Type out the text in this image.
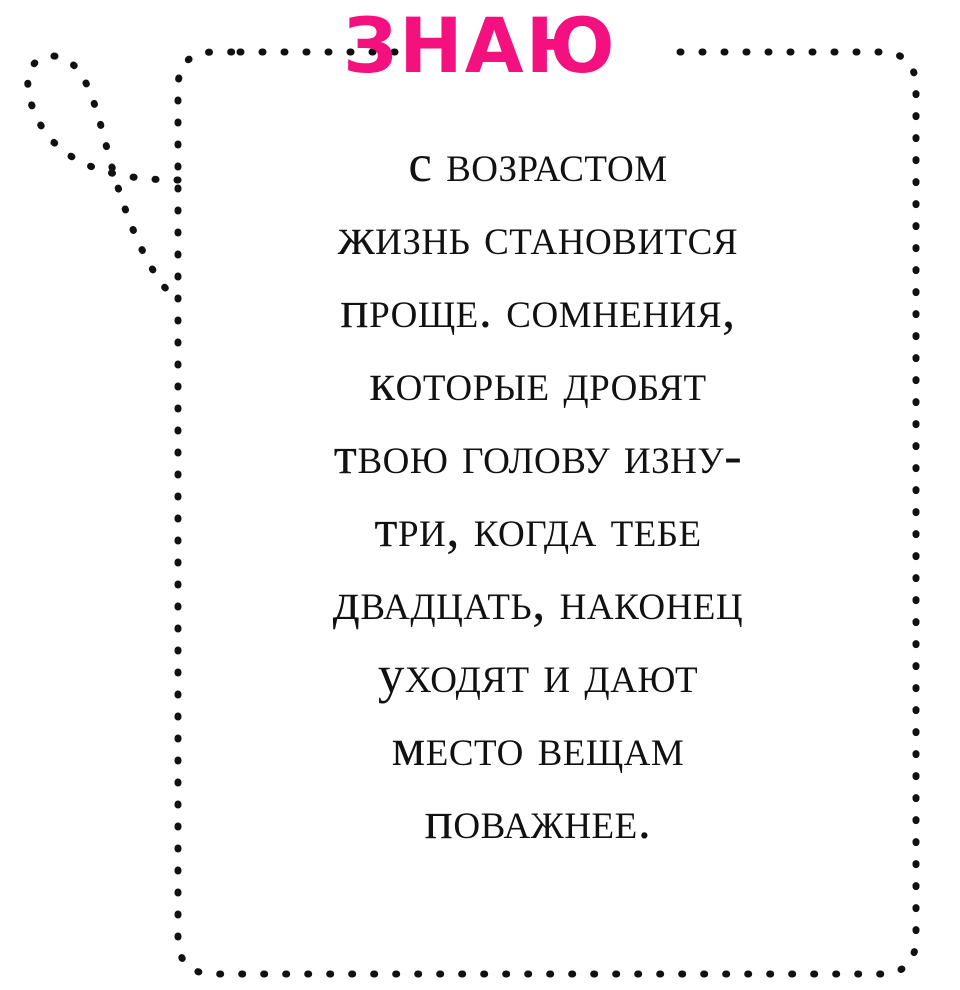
ЗНАЮ
с возрастом
жизнь становится
проще. сомнения,
которые дробят
твою голову изну-
три, когда тебе
двадцать, наконец
уходят и дают
место вещам
поважнее.
